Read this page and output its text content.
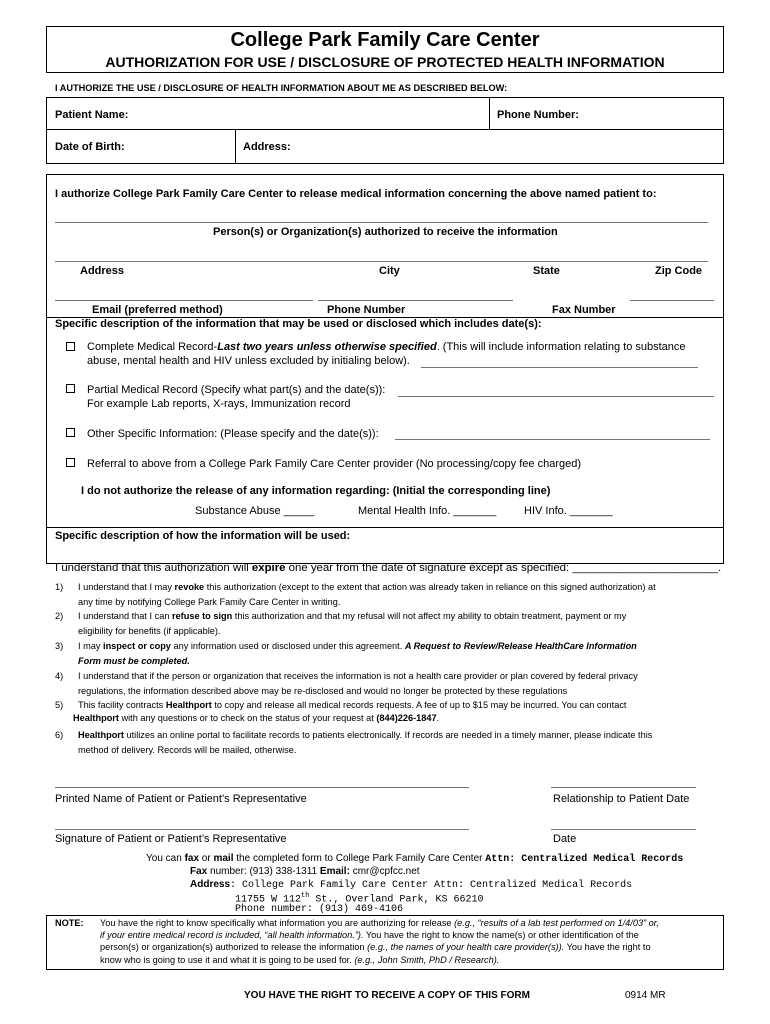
College Park Family Care Center
AUTHORIZATION FOR USE / DISCLOSURE OF PROTECTED HEALTH INFORMATION
I AUTHORIZE THE USE / DISCLOSURE OF HEALTH INFORMATION ABOUT ME AS DESCRIBED BELOW:
Patient Name:	Phone Number:
Date of Birth:	Address:
I authorize College Park Family Care Center to release medical information concerning the above named patient to:
Person(s) or Organization(s) authorized to receive the information
Address	City	State	Zip Code
Email (preferred method)	Phone Number	Fax Number
Specific description of the information that may be used or disclosed which includes date(s):
Complete Medical Record-Last two years unless otherwise specified. (This will include information relating to substance
abuse, mental health and HIV unless excluded by initialing below).
Partial Medical Record (Specify what part(s) and the date(s)):
For example Lab reports, X-rays, Immunization record
Other Specific Information: (Please specify and the date(s)):
Referral to above from a College Park Family Care Center provider (No processing/copy fee charged)
I do not authorize the release of any information regarding: (Initial the corresponding line)
Substance Abuse _____	Mental Health Info. _______	HIV Info. _______
Specific description of how the information will be used:
I understand that this authorization will expire one year from the date of signature except as specified: _______________________.
1) I understand that I may revoke this authorization (except to the extent that action was already taken in reliance on this signed authorization) at
any time by notifying College Park Family Care Center in writing.
2) I understand that I can refuse to sign this authorization and that my refusal will not affect my ability to obtain treatment, payment or my
eligibility for benefits (if applicable).
3) I may inspect or copy any information used or disclosed under this agreement. A Request to Review/Release HealthCare Information
Form must be completed.
4) I understand that if the person or organization that receives the information is not a health care provider or plan covered by federal privacy
regulations, the information described above may be re-disclosed and would no longer be protected by these regulations
5) This facility contracts Healthport to copy and release all medical records requests. A fee of up to $15 may be incurred. You can contact
Healthport with any questions or to check on the status of your request at (844)226-1847.
6) Healthport utilizes an online portal to facilitate records to patients electronically. If records are needed in a timely manner, please indicate this
method of delivery. Records will be mailed, otherwise.
Printed Name of Patient or Patient’s Representative	Relationship to Patient Date
Signature of Patient or Patient’s Representative	Date
You can fax or mail the completed form to College Park Family Care Center Attn: Centralized Medical Records
Fax number: (913) 338-1311 Email: cmr@cpfcc.net
Address: College Park Family Care Center Attn: Centralized Medical Records
11755 W 112th St., Overland Park, KS 66210
Phone number: (913) 469-4106
NOTE: You have the right to know specifically what information you are authorizing for release (e.g., “results of a lab test performed on 1/4/03” or,
if your entire medical record is included, “all health information.”). You have the right to know the name(s) or other identification of the
person(s) or organization(s) authorized to release the information (e.g., the names of your health care provider(s)). You have the right to
know who is going to use it and what it is going to be used for. (e.g., John Smith, PhD / Research).
YOU HAVE THE RIGHT TO RECEIVE A COPY OF THIS FORM	0914 MR
